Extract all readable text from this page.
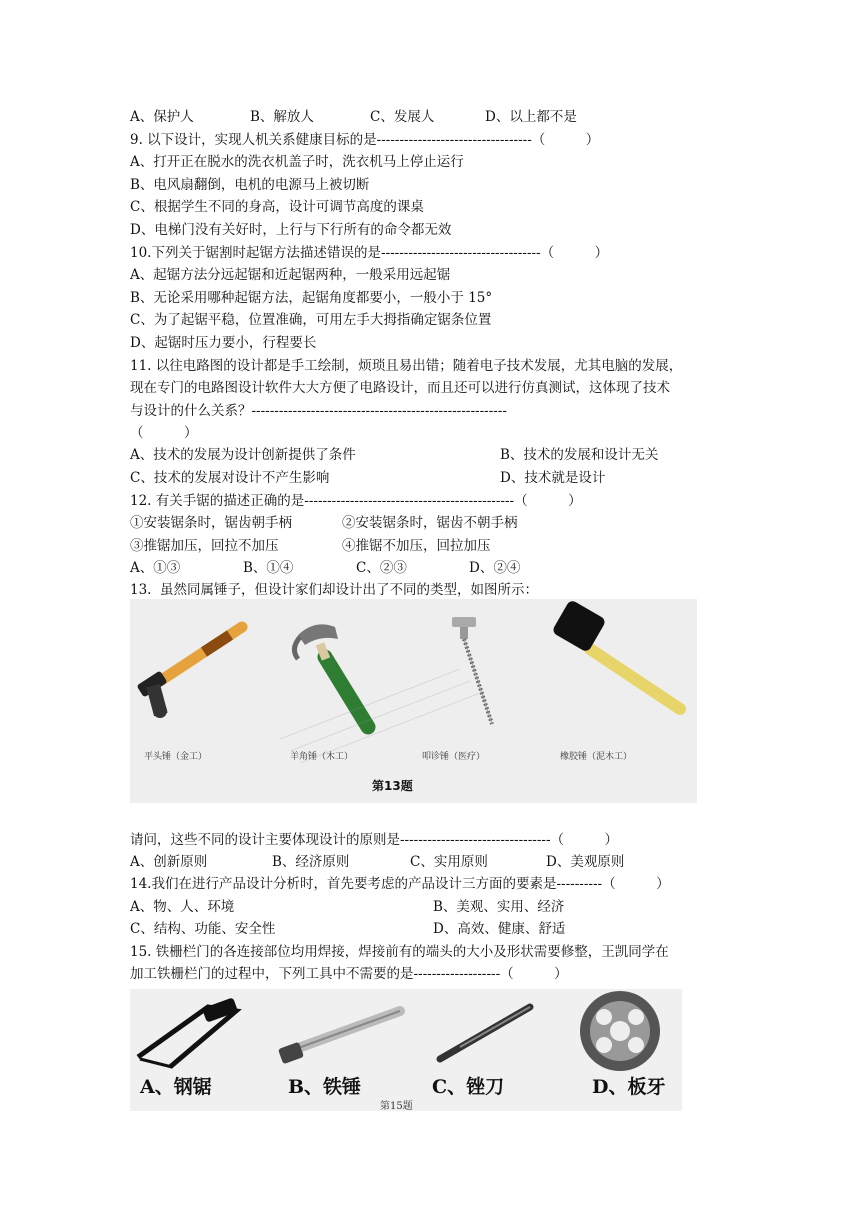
A、保护人	B、解放人	C、发展人	D、以上都不是
9. 以下设计，实现人机关系健康目标的是----------------------------------（　　　）
A、打开正在脱水的洗衣机盖子时，洗衣机马上停止运行
B、电风扇翻倒，电机的电源马上被切断
C、根据学生不同的身高，设计可调节高度的课桌
D、电梯门没有关好时，上行与下行所有的命令都无效
10.下列关于锯割时起锯方法描述错误的是-----------------------------------（　　　）
A、起锯方法分远起锯和近起锯两种，一般采用远起锯
B、无论采用哪种起锯方法，起锯角度都要小，一般小于 15°
C、为了起锯平稳，位置准确，可用左手大拇指确定锯条位置
D、起锯时压力要小，行程要长
11. 以往电路图的设计都是手工绘制，烦琐且易出错；随着电子技术发展，尤其电脑的发展，
现在专门的电路图设计软件大大方便了电路设计，而且还可以进行仿真测试，这体现了技术
与设计的什么关系？--------------------------------------------------------
（　　　）
A、技术的发展为设计创新提供了条件	B、技术的发展和设计无关
C、技术的发展对设计不产生影响	D、技术就是设计
12. 有关手锯的描述正确的是----------------------------------------------（　　　）
①安装锯条时，锯齿朝手柄	②安装锯条时，锯齿不朝手柄
③推锯加压，回拉不加压	④推锯不加压，回拉加压
A、①③	B、①④	C、②③	D、②④
13.  虽然同属锤子，但设计家们却设计出了不同的类型，如图所示：
平头锤（金工）	羊角锤（木工）	叩诊锤（医疗）	橡胶锤（泥木工）
第13题
请问，这些不同的设计主要体现设计的原则是---------------------------------（　　　）
A、创新原则	B、经济原则	C、实用原则	D、美观原则
14.我们在进行产品设计分析时，首先要考虑的产品设计三方面的要素是----------（　　　）
A、物、人、环境	B、美观、实用、经济
C、结构、功能、安全性	D、高效、健康、舒适
15. 铁栅栏门的各连接部位均用焊接，焊接前有的端头的大小及形状需要修整，王凯同学在
加工铁栅栏门的过程中，下列工具中不需要的是-------------------（　　　）
A、钢锯	B、铁锤	C、锉刀	D、板牙
第15题
